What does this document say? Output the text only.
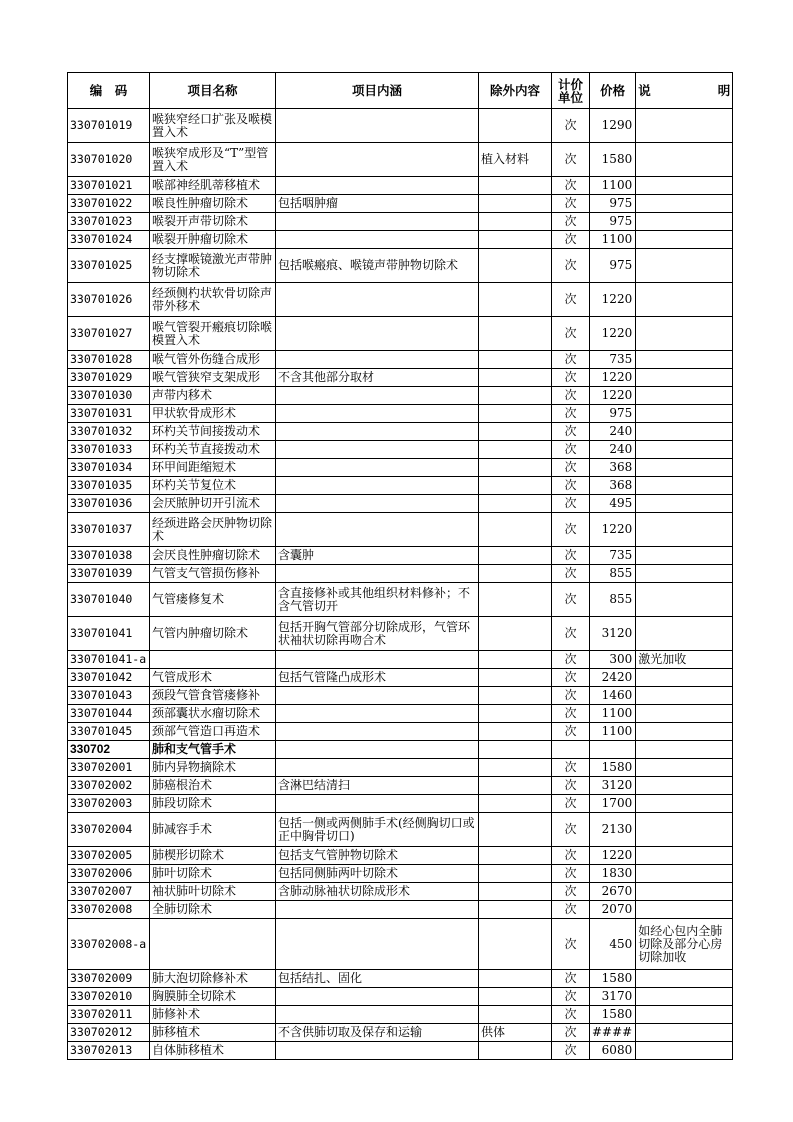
编　码	项目名称	项目内涵	除外内容	计价单位	价格	说　　明
330701019	喉狭窄经口扩张及喉模置入术			次	1290	
330701020	喉狭窄成形及“T”型管置入术		植入材料	次	1580	
330701021	喉部神经肌蒂移植术			次	1100	
330701022	喉良性肿瘤切除术	包括咽肿瘤		次	975	
330701023	喉裂开声带切除术			次	975	
330701024	喉裂开肿瘤切除术			次	1100	
330701025	经支撑喉镜激光声带肿物切除术	包括喉瘢痕、喉镜声带肿物切除术		次	975	
330701026	经颈侧杓状软骨切除声带外移术			次	1220	
330701027	喉气管裂开瘢痕切除喉模置入术			次	1220	
330701028	喉气管外伤缝合成形			次	735	
330701029	喉气管狭窄支架成形	不含其他部分取材		次	1220	
330701030	声带内移术			次	1220	
330701031	甲状软骨成形术			次	975	
330701032	环杓关节间接拨动术			次	240	
330701033	环杓关节直接拨动术			次	240	
330701034	环甲间距缩短术			次	368	
330701035	环杓关节复位术			次	368	
330701036	会厌脓肿切开引流术			次	495	
330701037	经颈进路会厌肿物切除术			次	1220	
330701038	会厌良性肿瘤切除术	含囊肿		次	735	
330701039	气管支气管损伤修补			次	855	
330701040	气管瘘修复术	含直接修补或其他组织材料修补；不含气管切开		次	855	
330701041	气管内肿瘤切除术	包括开胸气管部分切除成形，气管环状袖状切除再吻合术		次	3120	
330701041-a				次	300	激光加收
330701042	气管成形术	包括气管隆凸成形术		次	2420	
330701043	颈段气管食管瘘修补			次	1460	
330701044	颈部囊状水瘤切除术			次	1100	
330701045	颈部气管造口再造术			次	1100	
330702	肺和支气管手术					
330702001	肺内异物摘除术			次	1580	
330702002	肺癌根治术	含淋巴结清扫		次	3120	
330702003	肺段切除术			次	1700	
330702004	肺减容手术	包括一侧或两侧肺手术(经侧胸切口或正中胸骨切口)		次	2130	
330702005	肺楔形切除术	包括支气管肿物切除术		次	1220	
330702006	肺叶切除术	包括同侧肺两叶切除术		次	1830	
330702007	袖状肺叶切除术	含肺动脉袖状切除成形术		次	2670	
330702008	全肺切除术			次	2070	
330702008-a				次	450	如经心包内全肺切除及部分心房切除加收
330702009	肺大泡切除修补术	包括结扎、固化		次	1580	
330702010	胸膜肺全切除术			次	3170	
330702011	肺修补术			次	1580	
330702012	肺移植术	不含供肺切取及保存和运输	供体	次	####	
330702013	自体肺移植术			次	6080	
